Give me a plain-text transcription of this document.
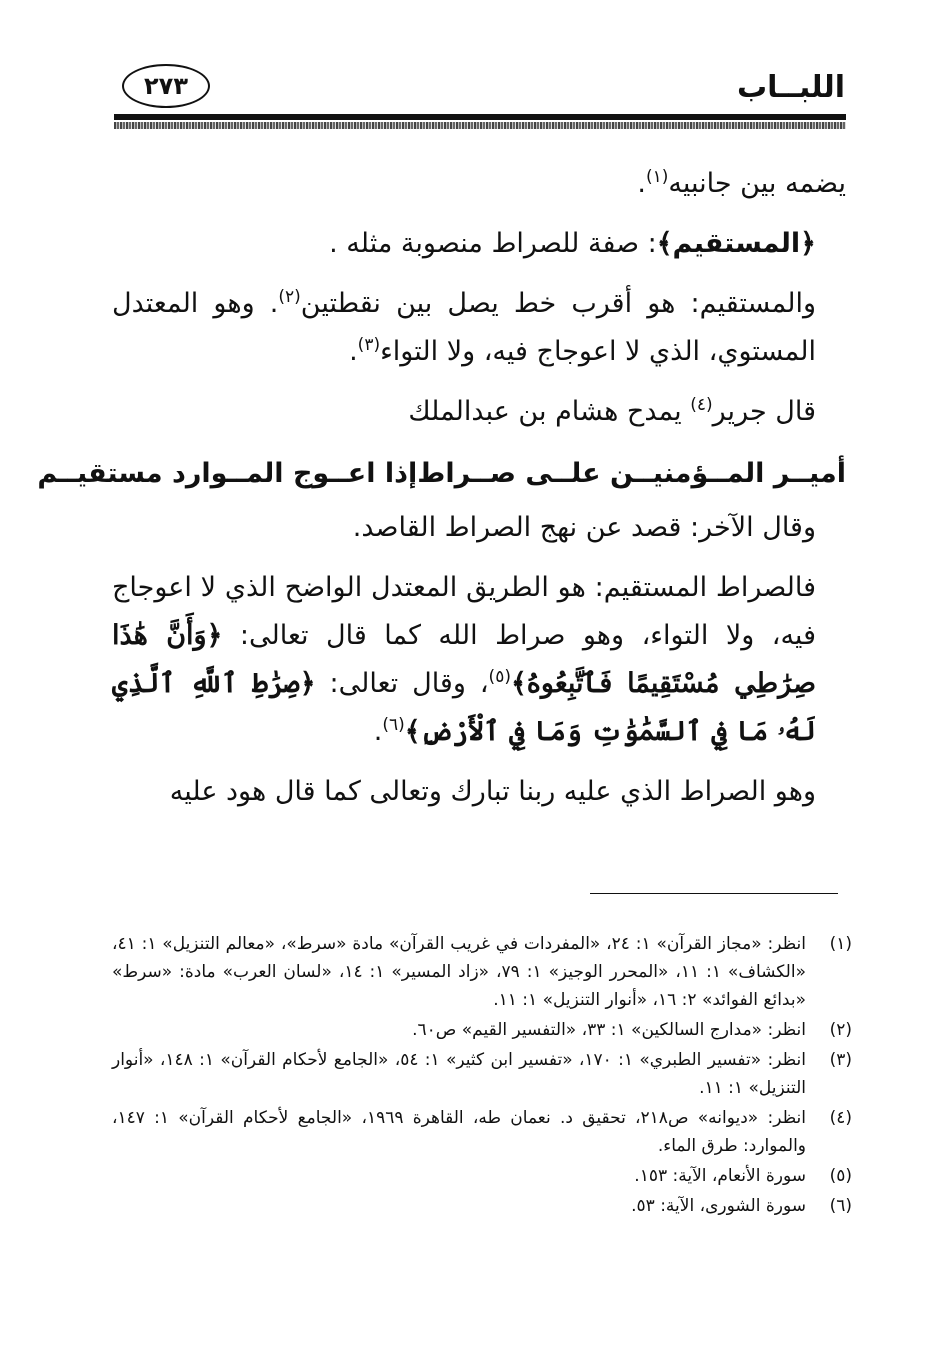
اللبــاب
٢٧٣

يضمه بين جانبيه$^{(١)}$.

﴿المستقيم﴾: صفة للصراط منصوبة مثله .

والمستقيم: هو أقرب خط يصل بين نقطتين$^{(٢)}$. وهو المعتدل المستوي، الذي لا اعوجاج فيه، ولا التواء$^{(٣)}$.

قال جرير$^{(٤)}$ يمدح هشام بن عبدالملك

أميــر المــؤمنيــن علــى صــراط
إذا اعــوج المــوارد مستقيــم

وقال الآخر: قصد عن نهج الصراط القاصد.

فالصراط المستقيم: هو الطريق المعتدل الواضح الذي لا اعوجاج فيه، ولا التواء، وهو صراط الله كما قال تعالى: ﴿وَأَنَّ هَٰذَا صِرَٰطِي مُسْتَقِيمًا فَٱتَّبِعُوهُ﴾$^{(٥)}$، وقال تعالى: ﴿صِرَٰطِ ٱللَّهِ ٱلَّذِي لَهُۥ مَا فِي ٱلسَّمَٰوَٰتِ وَمَا فِي ٱلْأَرْضِ﴾$^{(٦)}$.

وهو الصراط الذي عليه ربنا تبارك وتعالى كما قال هود عليه

(١)
انظر: «مجاز القرآن» ١: ٢٤، «المفردات في غريب القرآن» مادة «سرط»، «معالم التنزيل» ١: ٤١، «الكشاف» ١: ١١، «المحرر الوجيز» ١: ٧٩، «زاد المسير» ١: ١٤، «لسان العرب» مادة: «سرط» «بدائع الفوائد» ٢: ١٦، «أنوار التنزيل» ١: ١١.
(٢)
انظر: «مدارج السالكين» ١: ٣٣، «التفسير القيم» ص٦٠.
(٣)
انظر: «تفسير الطبري» ١: ١٧٠، «تفسير ابن كثير» ١: ٥٤، «الجامع لأحكام القرآن» ١: ١٤٨، «أنوار التنزيل» ١: ١١.
(٤)
انظر: «ديوانه» ص٢١٨، تحقيق د. نعمان طه، القاهرة ١٩٦٩، «الجامع لأحكام القرآن» ١: ١٤٧، والموارد: طرق الماء.
(٥)
سورة الأنعام، الآية: ١٥٣.
(٦)
سورة الشورى، الآية: ٥٣.
